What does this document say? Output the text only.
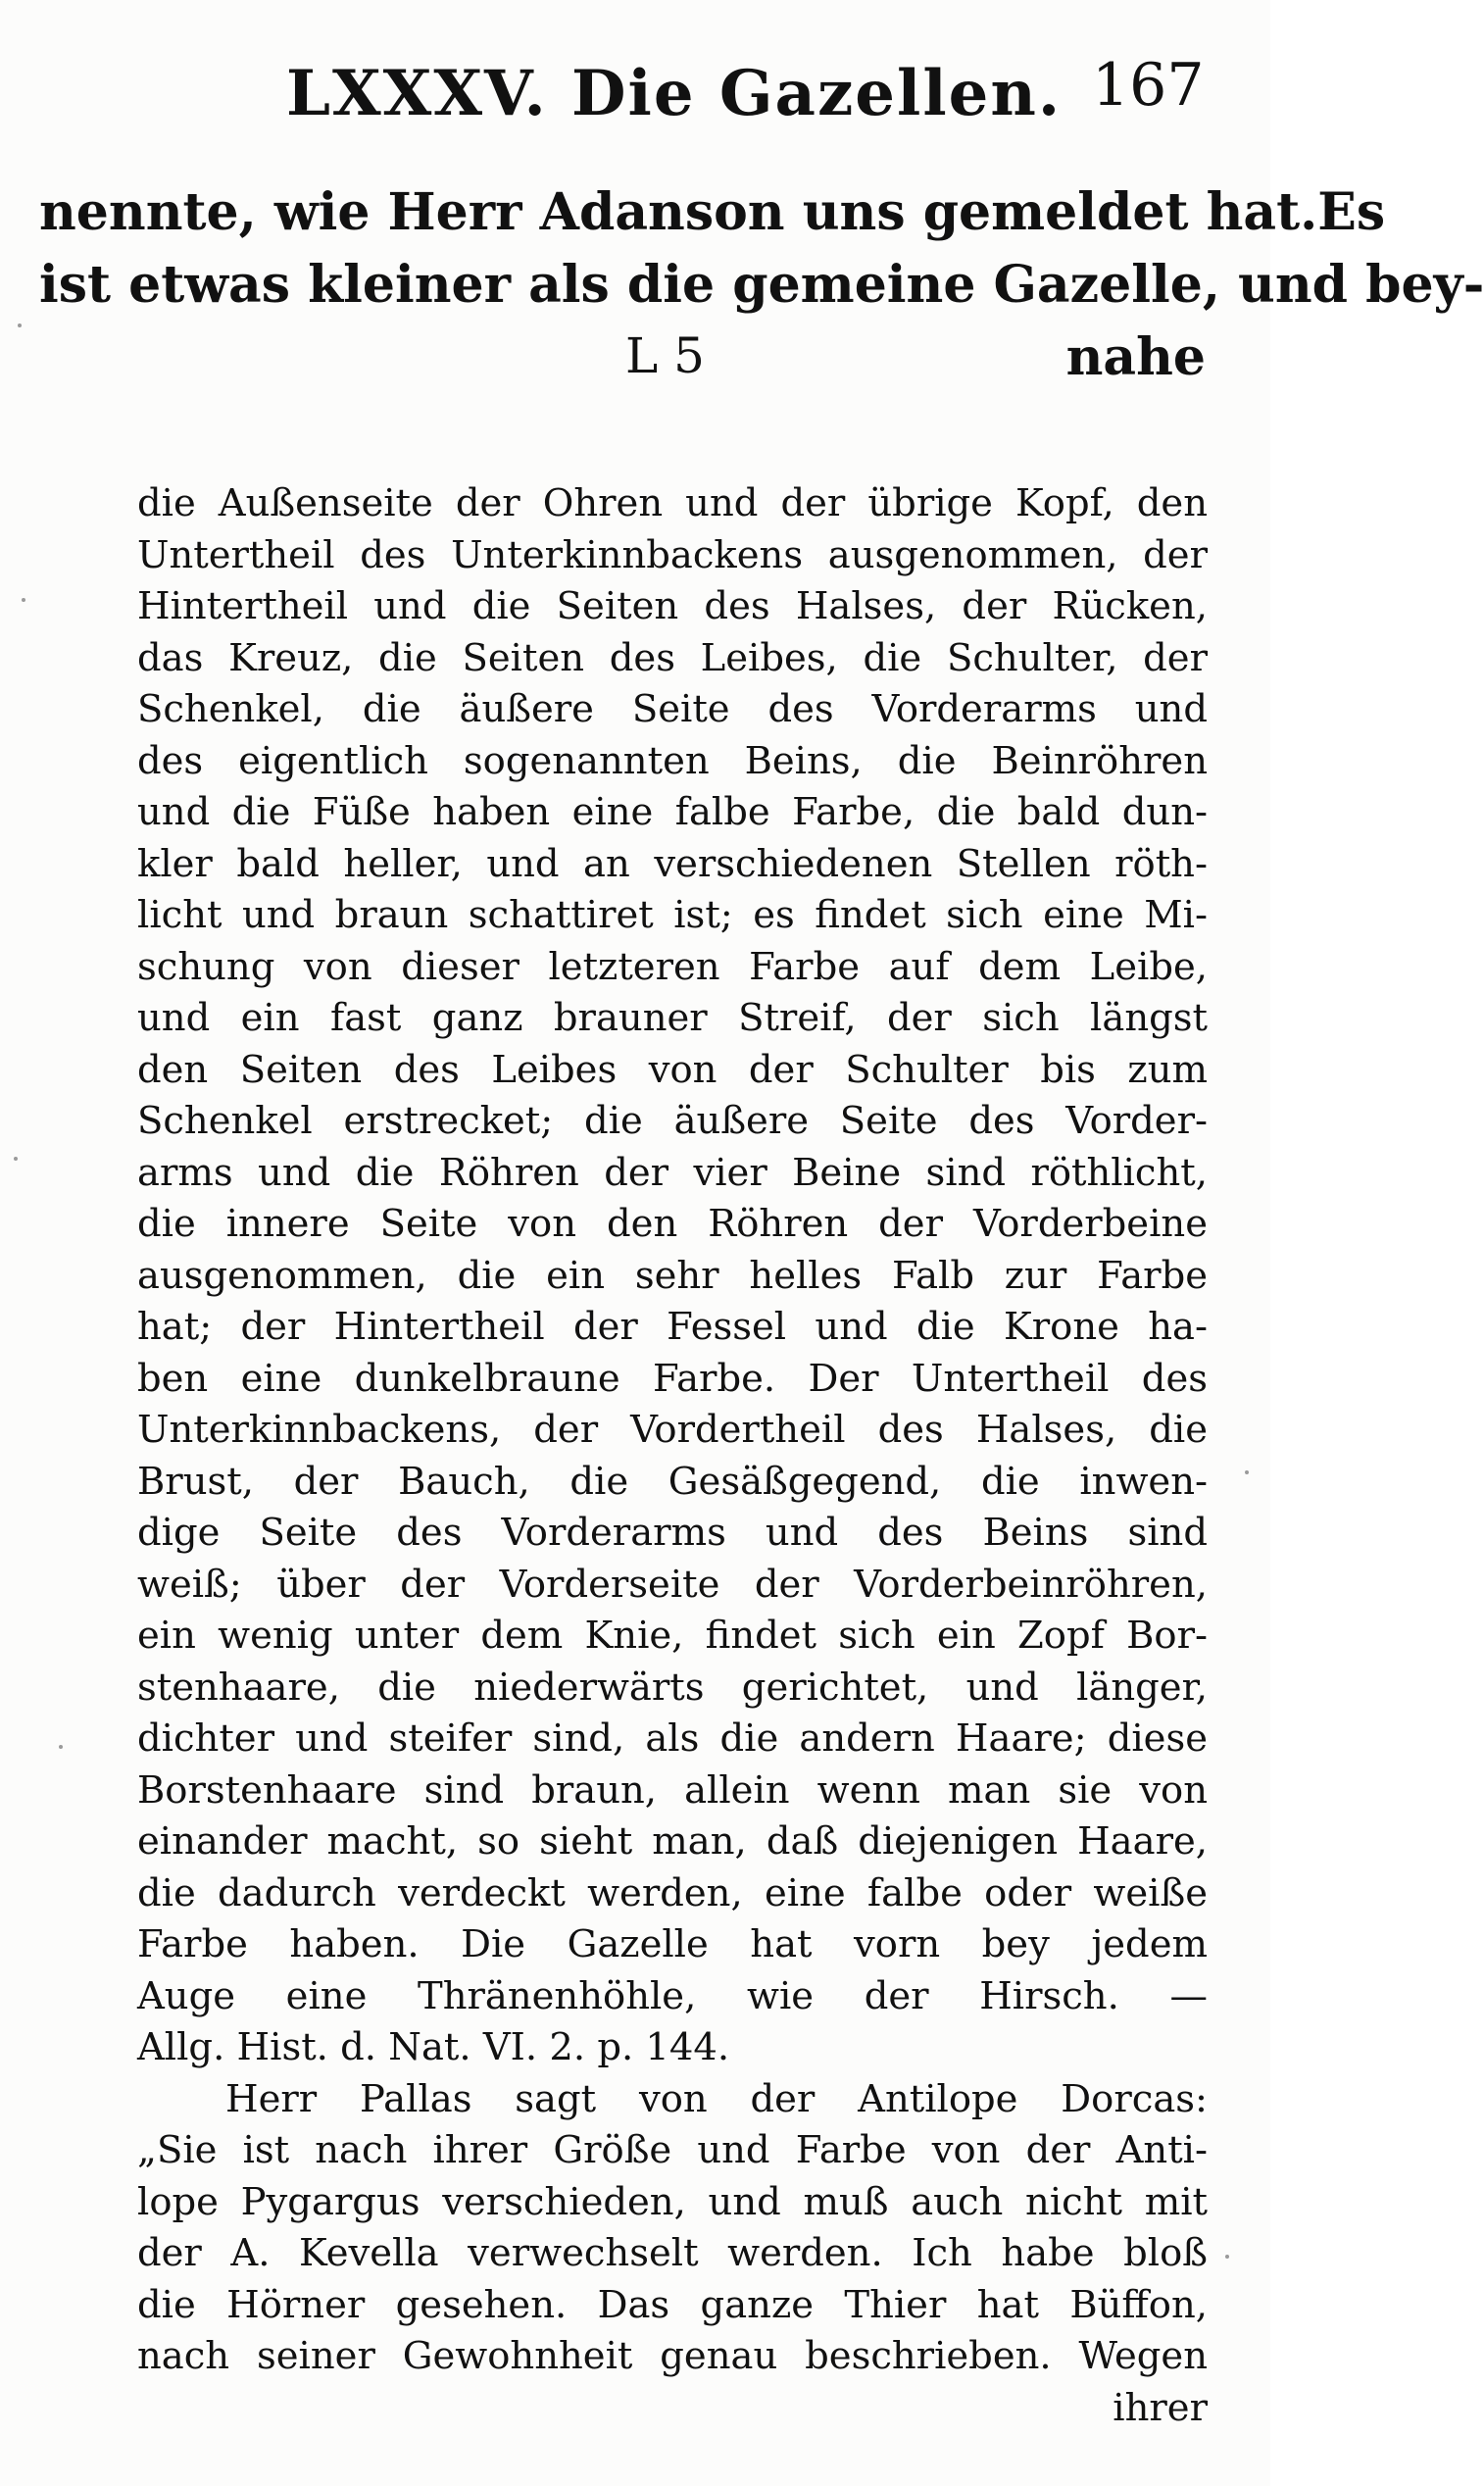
LXXXV. Die Gazellen. 167
nennte, wie Herr Adanson uns gemeldet hat. Es
ist etwas kleiner als die gemeine Gazelle, und bey-
L 5	nahe
die Außenseite der Ohren und der übrige Kopf, den
Untertheil des Unterkinnbackens ausgenommen, der
Hintertheil und die Seiten des Halses, der Rücken,
das Kreuz, die Seiten des Leibes, die Schulter, der
Schenkel, die äußere Seite des Vorderarms und
des eigentlich sogenannten Beins, die Beinröhren
und die Füße haben eine falbe Farbe, die bald dun-
kler bald heller, und an verschiedenen Stellen röth-
licht und braun schattiret ist; es findet sich eine Mi-
schung von dieser letzteren Farbe auf dem Leibe,
und ein fast ganz brauner Streif, der sich längst
den Seiten des Leibes von der Schulter bis zum
Schenkel erstrecket; die äußere Seite des Vorder-
arms und die Röhren der vier Beine sind röthlicht,
die innere Seite von den Röhren der Vorderbeine
ausgenommen, die ein sehr helles Falb zur Farbe
hat; der Hintertheil der Fessel und die Krone ha-
ben eine dunkelbraune Farbe. Der Untertheil des
Unterkinnbackens, der Vordertheil des Halses, die
Brust, der Bauch, die Gesäßgegend, die inwen-
dige Seite des Vorderarms und des Beins sind
weiß; über der Vorderseite der Vorderbeinröhren,
ein wenig unter dem Knie, findet sich ein Zopf Bor-
stenhaare, die niederwärts gerichtet, und länger,
dichter und steifer sind, als die andern Haare; diese
Borstenhaare sind braun, allein wenn man sie von
einander macht, so sieht man, daß diejenigen Haare,
die dadurch verdeckt werden, eine falbe oder weiße
Farbe haben. Die Gazelle hat vorn bey jedem
Auge eine Thränenhöhle, wie der Hirsch. —
Allg. Hist. d. Nat. VI. 2. p. 144.
Herr Pallas sagt von der Antilope Dorcas:
„Sie ist nach ihrer Größe und Farbe von der Anti-
lope Pygargus verschieden, und muß auch nicht mit
der A. Kevella verwechselt werden. Ich habe bloß
die Hörner gesehen. Das ganze Thier hat Büffon,
nach seiner Gewohnheit genau beschrieben. Wegen
ihrer
